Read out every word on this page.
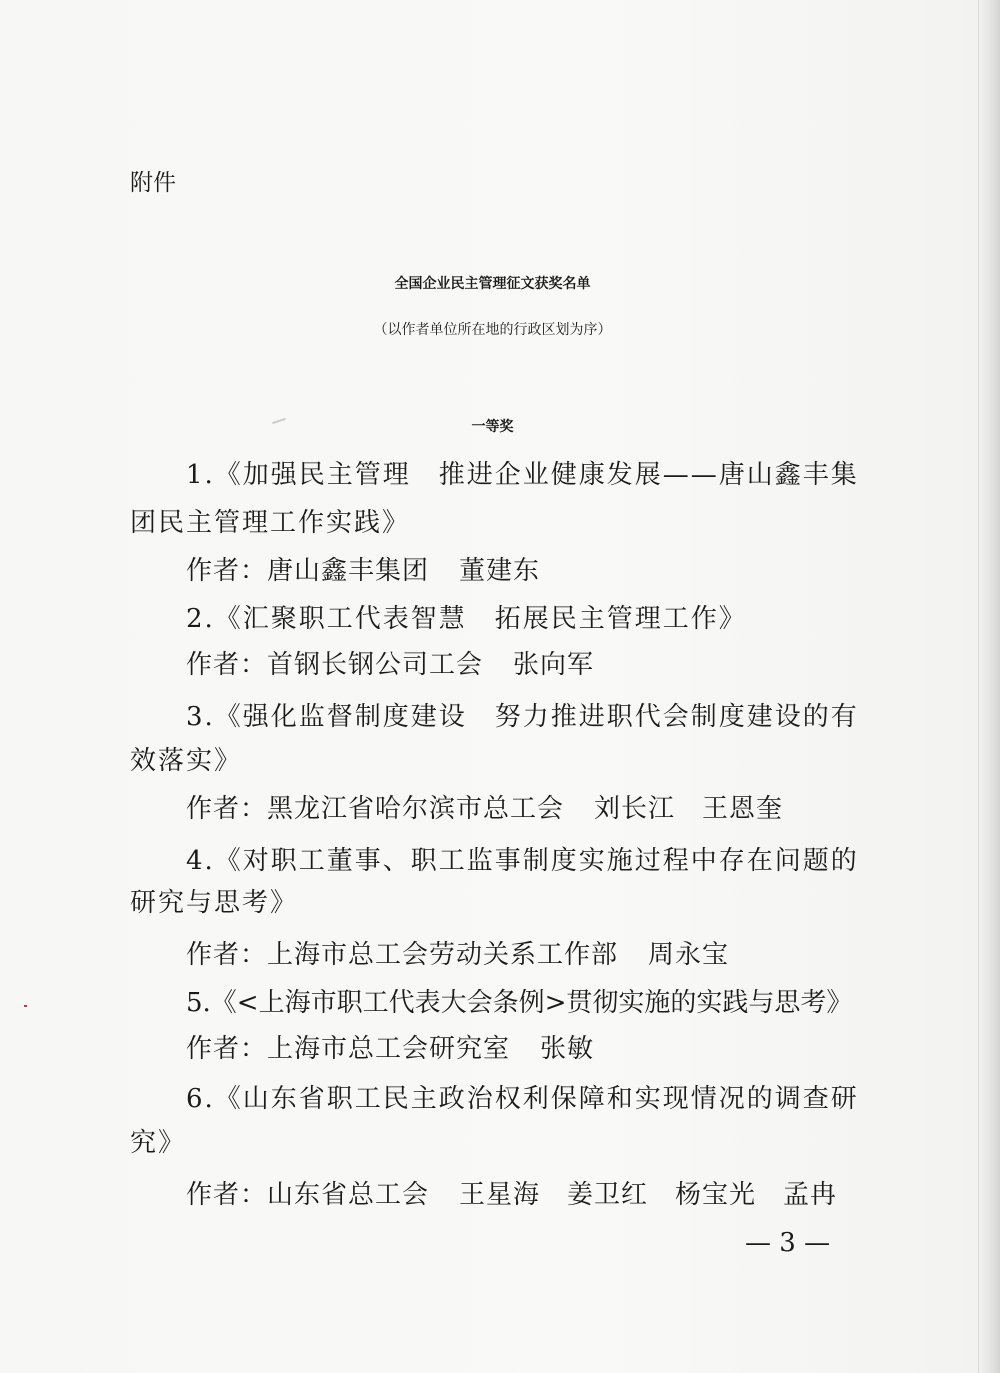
附件
全国企业民主管理征文获奖名单
（以作者单位所在地的行政区划为序）
一等奖
1.《加强民主管理　推进企业健康发展——唐山鑫丰集
团民主管理工作实践》
作者：唐山鑫丰集团 董建东
2.《汇聚职工代表智慧　拓展民主管理工作》
作者：首钢长钢公司工会 张向军
3.《强化监督制度建设　努力推进职代会制度建设的有
效落实》
作者：黑龙江省哈尔滨市总工会 刘长江　王恩奎
4.《对职工董事、职工监事制度实施过程中存在问题的
研究与思考》
作者：上海市总工会劳动关系工作部 周永宝
5.《<上海市职工代表大会条例>贯彻实施的实践与思考》
作者：上海市总工会研究室 张敏
6.《山东省职工民主政治权利保障和实现情况的调查研
究》
作者：山东省总工会 王星海　姜卫红　杨宝光　孟冉
— 3 —
